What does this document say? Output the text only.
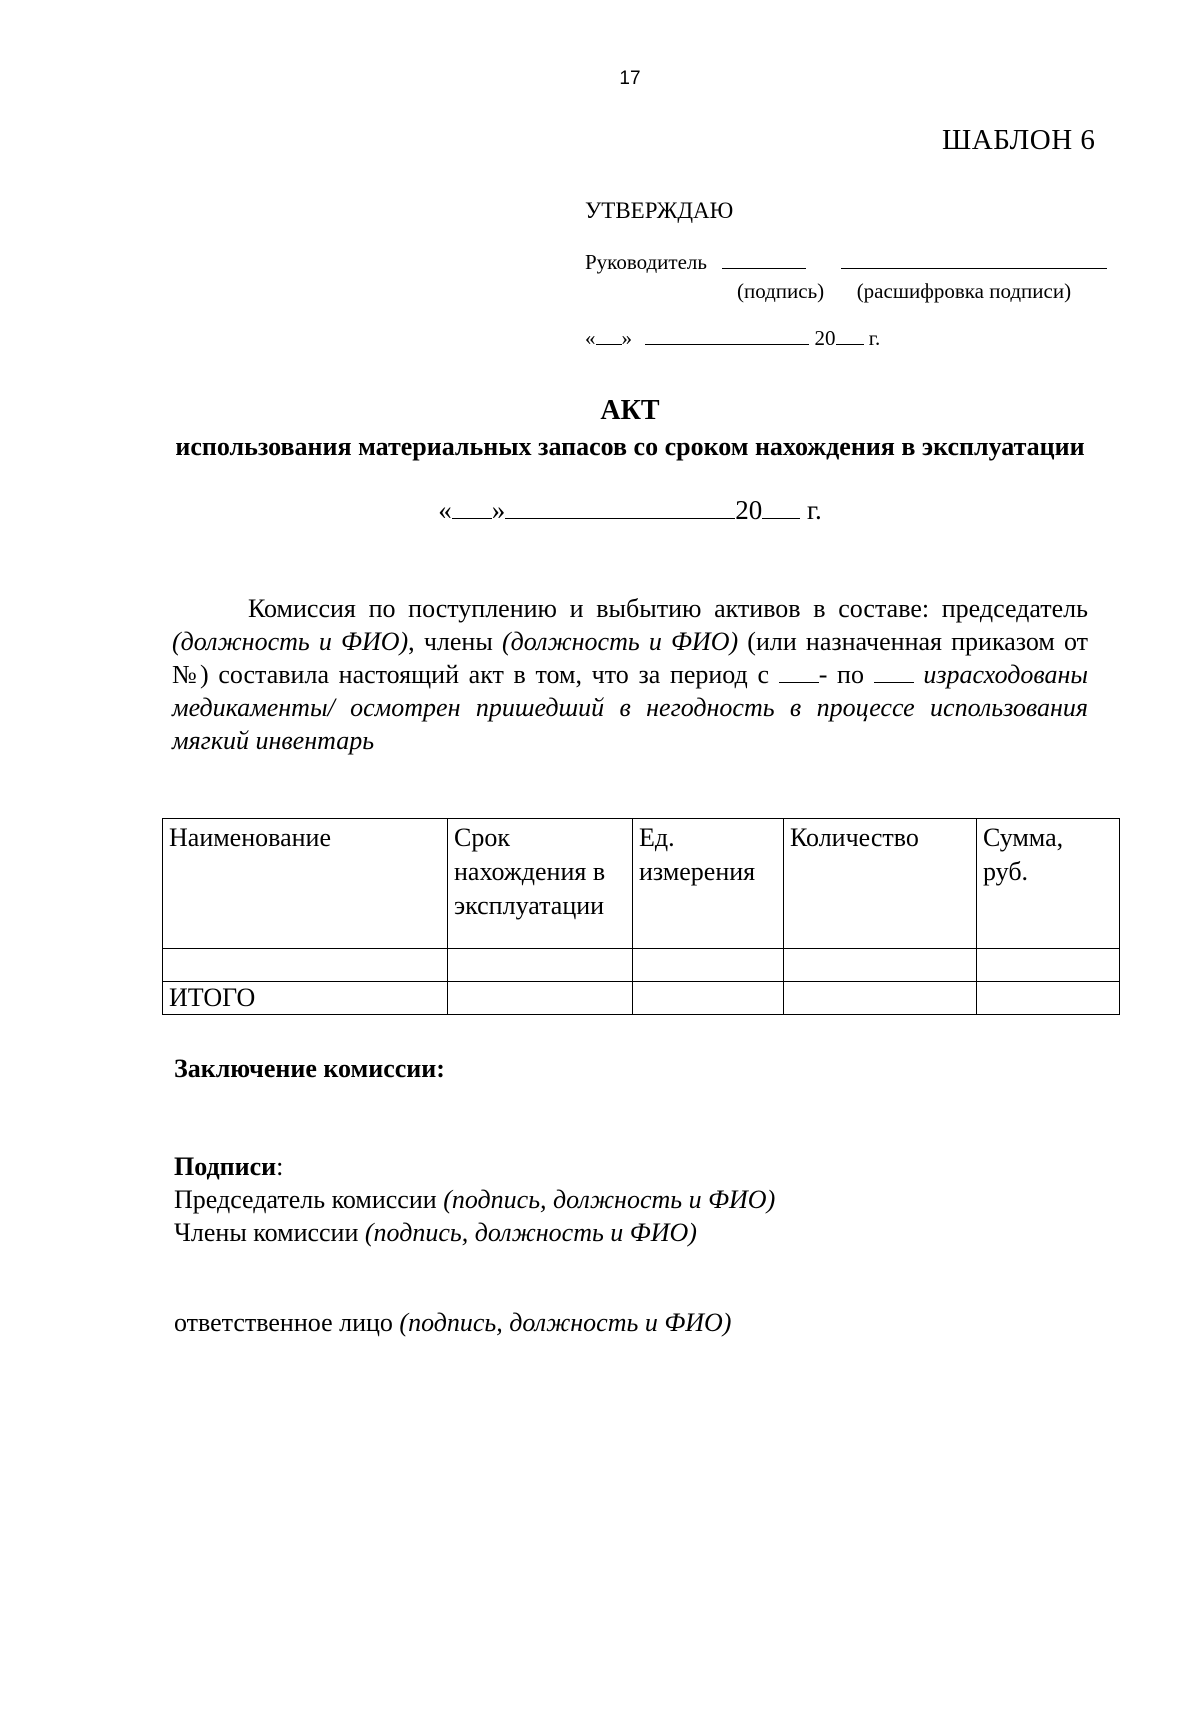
17
ШАБЛОН 6
УТВЕРЖДАЮ
Руководитель
(подпись) (расшифровка подписи)
« »	20 г.
АКТ
использования материальных запасов со сроком нахождения в эксплуатации
« »	20 г.

Комиссия по поступлению и выбытию активов в составе: председатель (должность и ФИО), члены (должность и ФИО) (или назначенная приказом от №) составила настоящий акт в том, что за период с - по  израсходованы медикаменты/ осмотрен пришедший в негодность в процессе использования мягкий инвентарь

Наименование	Срок нахождения в эксплуатации	Ед. измерения	Количество	Сумма, руб.

ИТОГО				
Заключение комиссии:
Подписи:
Председатель комиссии (подпись, должность и ФИО)
Члены комиссии (подпись, должность и ФИО)
ответственное лицо (подпись, должность и ФИО)
